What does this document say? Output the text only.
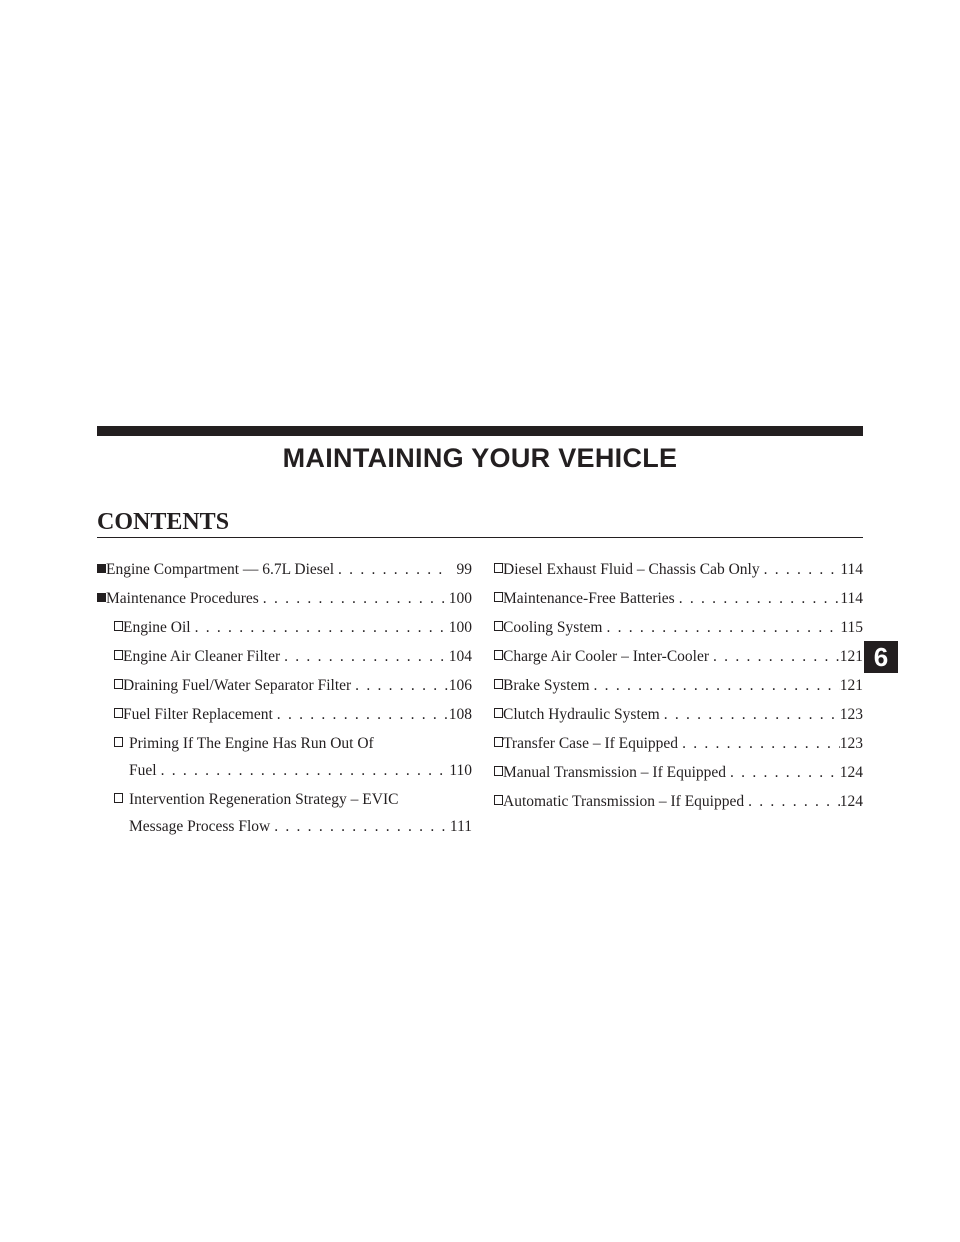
MAINTAINING YOUR VEHICLE
CONTENTS
Engine Compartment — 6.7L Diesel . . .	99
Maintenance Procedures . . .	100
Engine Oil . . .	100
Engine Air Cleaner Filter . . .	104
Draining Fuel/Water Separator Filter . . .	106
Fuel Filter Replacement . . .	108
Priming If The Engine Has Run Out Of
Fuel . . .	110
Intervention Regeneration Strategy – EVIC
Message Process Flow . . .	111
Diesel Exhaust Fluid – Chassis Cab Only . . .	114
Maintenance-Free Batteries . . .	114
Cooling System . . .	115
Charge Air Cooler – Inter-Cooler . . .	121
Brake System . . .	121
Clutch Hydraulic System . . .	123
Transfer Case – If Equipped . . .	123
Manual Transmission – If Equipped . . .	124
Automatic Transmission – If Equipped . . .	124
6
